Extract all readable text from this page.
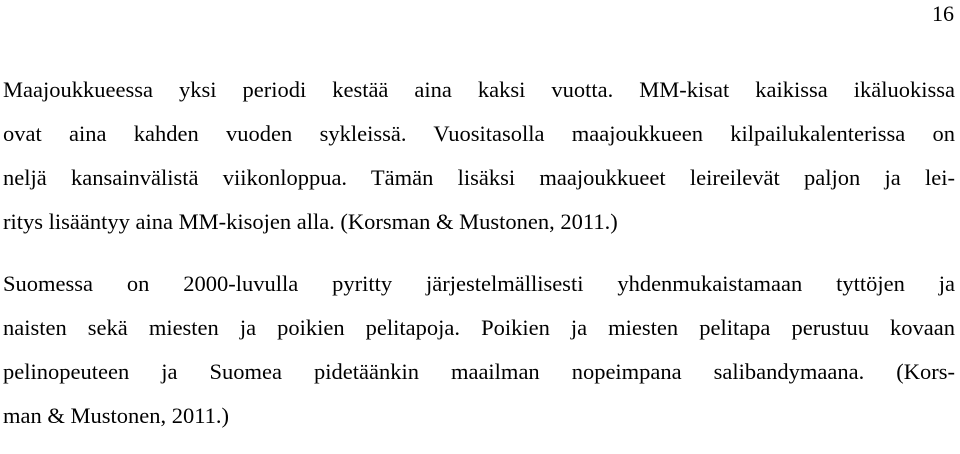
16

Maajoukkueessa yksi periodi kestää aina kaksi vuotta. MM-kisat kaikissa ikäluokissa
ovat aina kahden vuoden sykleissä. Vuositasolla maajoukkueen kilpailukalenterissa on
neljä kansainvälistä viikonloppua. Tämän lisäksi maajoukkueet leireilevät paljon ja lei-
ritys lisääntyy aina MM-kisojen alla. (Korsman & Mustonen, 2011.)

Suomessa on 2000-luvulla pyritty järjestelmällisesti yhdenmukaistamaan tyttöjen ja
naisten sekä miesten ja poikien pelitapoja. Poikien ja miesten pelitapa perustuu kovaan
pelinopeuteen ja Suomea pidetäänkin maailman nopeimpana salibandymaana. (Kors-
man & Mustonen, 2011.)
